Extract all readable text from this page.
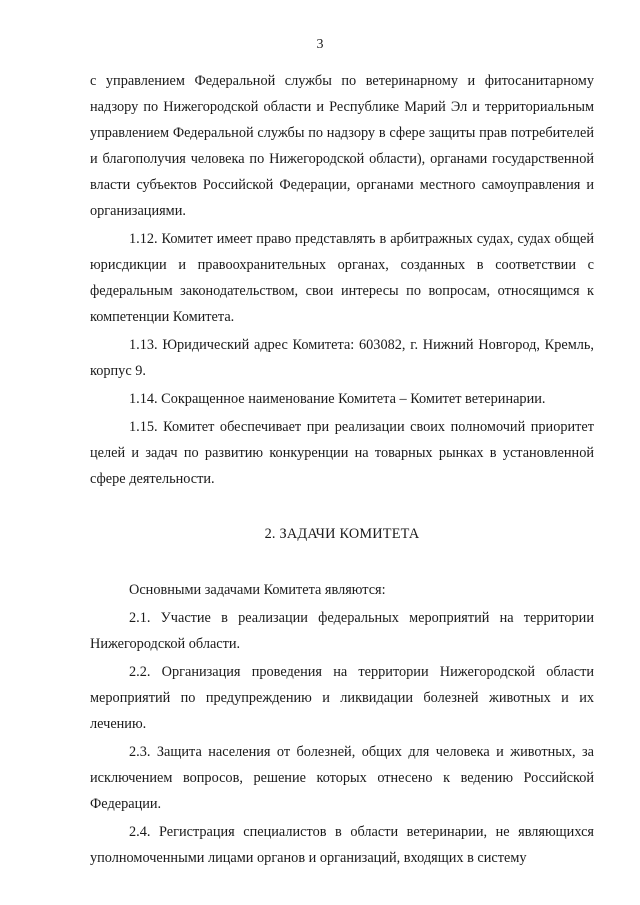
3

с управлением Федеральной службы по ветеринарному и фитосанитарному надзору по Нижегородской области и Республике Марий Эл и территориальным управлением Федеральной службы по надзору в сфере защиты прав потребителей и благополучия человека по Нижегородской области), органами государственной власти субъектов Российской Федерации, органами местного самоуправления и организациями.

1.12. Комитет имеет право представлять в арбитражных судах, судах общей юрисдикции и правоохранительных органах, созданных в соответствии с федеральным законодательством, свои интересы по вопросам, относящимся к компетенции Комитета.

1.13. Юридический адрес Комитета: 603082, г. Нижний Новгород, Кремль, корпус 9.

1.14. Сокращенное наименование Комитета – Комитет ветеринарии.

1.15. Комитет обеспечивает при реализации своих полномочий приоритет целей и задач по развитию конкуренции на товарных рынках в установленной сфере деятельности.

2. ЗАДАЧИ КОМИТЕТА

Основными задачами Комитета являются:

2.1. Участие в реализации федеральных мероприятий на территории Нижегородской области.

2.2. Организация проведения на территории Нижегородской области мероприятий по предупреждению и ликвидации болезней животных и их лечению.

2.3. Защита населения от болезней, общих для человека и животных, за исключением вопросов, решение которых отнесено к ведению Российской Федерации.

2.4. Регистрация специалистов в области ветеринарии, не являющихся уполномоченными лицами органов и организаций, входящих в систему
